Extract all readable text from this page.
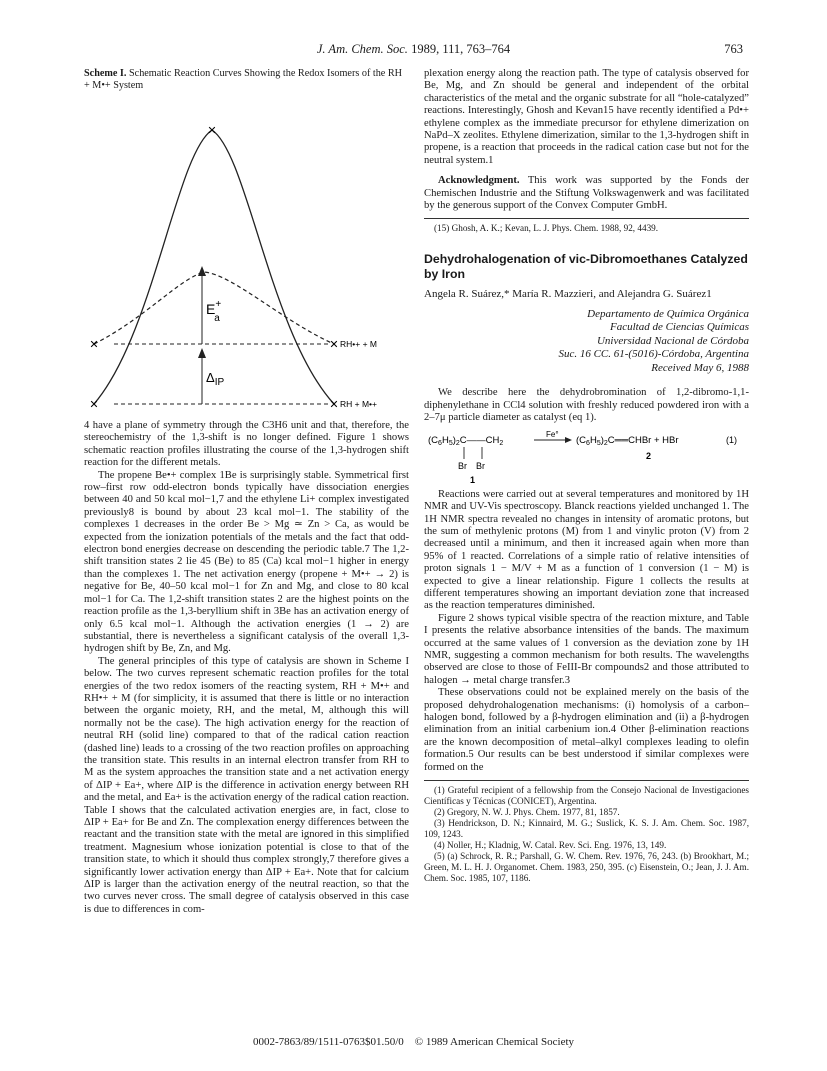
J. Am. Chem. Soc. 1989, 111, 763–764	763

Scheme I. Schematic Reaction Curves Showing the Redox Isomers of the RH + M•+ System

✕
✕
✕
✕
✕
E+ a
$\Delta_{IP}$
RH•+ + M
RH + M•+

4 have a plane of symmetry through the C3H6 unit and that, therefore, the stereochemistry of the 1,3-shift is no longer defined. Figure 1 shows schematic reaction profiles illustrating the course of the 1,3-hydrogen shift reaction for the different metals.

The propene Be•+ complex 1Be is surprisingly stable. Symmetrical first row–first row odd-electron bonds typically have dissociation energies between 40 and 50 kcal mol−1,7 and the ethylene Li+ complex investigated previously8 is bound by about 23 kcal mol−1. The stability of the complexes 1 decreases in the order Be > Mg ≃ Zn > Ca, as would be expected from the ionization potentials of the metals and the fact that odd-electron bond energies decrease on descending the periodic table.7 The 1,2-shift transition states 2 lie 45 (Be) to 85 (Ca) kcal mol−1 higher in energy than the complexes 1. The net activation energy (propene + M•+ → 2) is negative for Be, 40–50 kcal mol−1 for Zn and Mg, and close to 80 kcal mol−1 for Ca. The 1,2-shift transition states 2 are the highest points on the reaction profile as the 1,3-beryllium shift in 3Be has an activation energy of only 6.5 kcal mol−1. Although the activation energies (1 → 2) are substantial, there is nevertheless a significant catalysis of the overall 1,3-hydrogen shift by Be, Zn, and Mg.

The general principles of this type of catalysis are shown in Scheme I below. The two curves represent schematic reaction profiles for the total energies of the two redox isomers of the reacting system, RH + M•+ and RH•+ + M (for simplicity, it is assumed that there is little or no interaction between the organic moiety, RH, and the metal, M, although this will normally not be the case). The high activation energy for the reaction of neutral RH (solid line) compared to that of the radical cation reaction (dashed line) leads to a crossing of the two reaction profiles on approaching the transition state. This results in an internal electron transfer from RH to M as the system approaches the transition state and a net activation energy of ΔIP + Ea+, where ΔIP is the difference in activation energy between RH and the metal, and Ea+ is the activation energy of the radical cation reaction. Table I shows that the calculated activation energies are, in fact, close to ΔIP + Ea+ for Be and Zn. The complexation energy differences between the reactant and the transition state with the metal are ignored in this simplified treatment. Magnesium whose ionization potential is close to that of the transition state, to which it should thus complex strongly,7 therefore gives a significantly lower activation energy than ΔIP + Ea+. Note that for calcium ΔIP is larger than the activation energy of the neutral reaction, so that the two curves never cross. The small degree of catalysis observed in this case is due to differences in com-

plexation energy along the reaction path. The type of catalysis observed for Be, Mg, and Zn should be general and independent of the orbital characteristics of the metal and the organic substrate for all “hole-catalyzed” reactions. Interestingly, Ghosh and Kevan15 have recently identified a Pd•+ ethylene complex as the immediate precursor for ethylene dimerization on NaPd–X zeolites. Ethylene dimerization, similar to the 1,3-hydrogen shift in propene, is a reaction that proceeds in the radical cation case but not for the neutral system.1

Acknowledgment. This work was supported by the Fonds der Chemischen Industrie and the Stiftung Volkswagenwerk and was facilitated by the generous support of the Convex Computer GmbH.

(15) Ghosh, A. K.; Kevan, L. J. Phys. Chem. 1988, 92, 4439.

Dehydrohalogenation of vic-Dibromoethanes Catalyzed by Iron

Angela R. Suárez,* María R. Mazzieri, and Alejandra G. Suárez1

Departamento de Química Orgánica
Facultad de Ciencias Químicas
Universidad Nacional de Córdoba
Suc. 16 CC. 61-(5016)-Córdoba, Argentina
Received May 6, 1988

We describe here the dehydrobromination of 1,2-dibromo-1,1-diphenylethane in CCl4 solution with freshly reduced powdered iron with a 2–7μ particle diameter as catalyst (eq 1).

$(C_6H_5)_2C——CH_2$
Br Br
1
Fe°
$(C_6H_5)_2C══CHBr$ + HBr
2
(1)

Reactions were carried out at several temperatures and monitored by 1H NMR and UV-Vis spectroscopy. Blanck reactions yielded unchanged 1. The 1H NMR spectra revealed no changes in intensity of aromatic protons, but the sum of methylenic protons (M) from 1 and vinylic proton (V) from 2 decreased until a minimum, and then it increased again when more than 95% of 1 reacted. Correlations of a simple ratio of relative intensities of proton signals 1 − M/V + M as a function of 1 conversion (1 − M) is expected to give a linear relationship. Figure 1 collects the results at different temperatures showing an important deviation zone that increased as the reaction temperatures diminished.

Figure 2 shows typical visible spectra of the reaction mixture, and Table I presents the relative absorbance intensities of the bands. The maximum occurred at the same values of 1 conversion as the deviation zone by 1H NMR, suggesting a common mechanism for both results. The wavelengths observed are close to those of FeIII-Br compounds2 and those attributed to halogen → metal charge transfer.3

These observations could not be explained merely on the basis of the proposed dehydrohalogenation mechanisms: (i) homolysis of a carbon–halogen bond, followed by a β-hydrogen elimination and (ii) a β-hydrogen elimination from an initial carbenium ion.4 Other β-elimination reactions are the known decomposition of metal–alkyl complexes leading to olefin formation.5 Our results can be best understood if similar complexes were formed on the

(1) Grateful recipient of a fellowship from the Consejo Nacional de Investigaciones Científicas y Técnicas (CONICET), Argentina.

(2) Gregory, N. W. J. Phys. Chem. 1977, 81, 1857.

(3) Hendrickson, D. N.; Kinnaird, M. G.; Suslick, K. S. J. Am. Chem. Soc. 1987, 109, 1243.

(4) Noller, H.; Kladnig, W. Catal. Rev. Sci. Eng. 1976, 13, 149.

(5) (a) Schrock, R. R.; Parshall, G. W. Chem. Rev. 1976, 76, 243. (b) Brookhart, M.; Green, M. L. H. J. Organomet. Chem. 1983, 250, 395. (c) Eisenstein, O.; Jean, J. J. Am. Chem. Soc. 1985, 107, 1186.

0002-7863/89/1511-0763$01.50/0 © 1989 American Chemical Society
